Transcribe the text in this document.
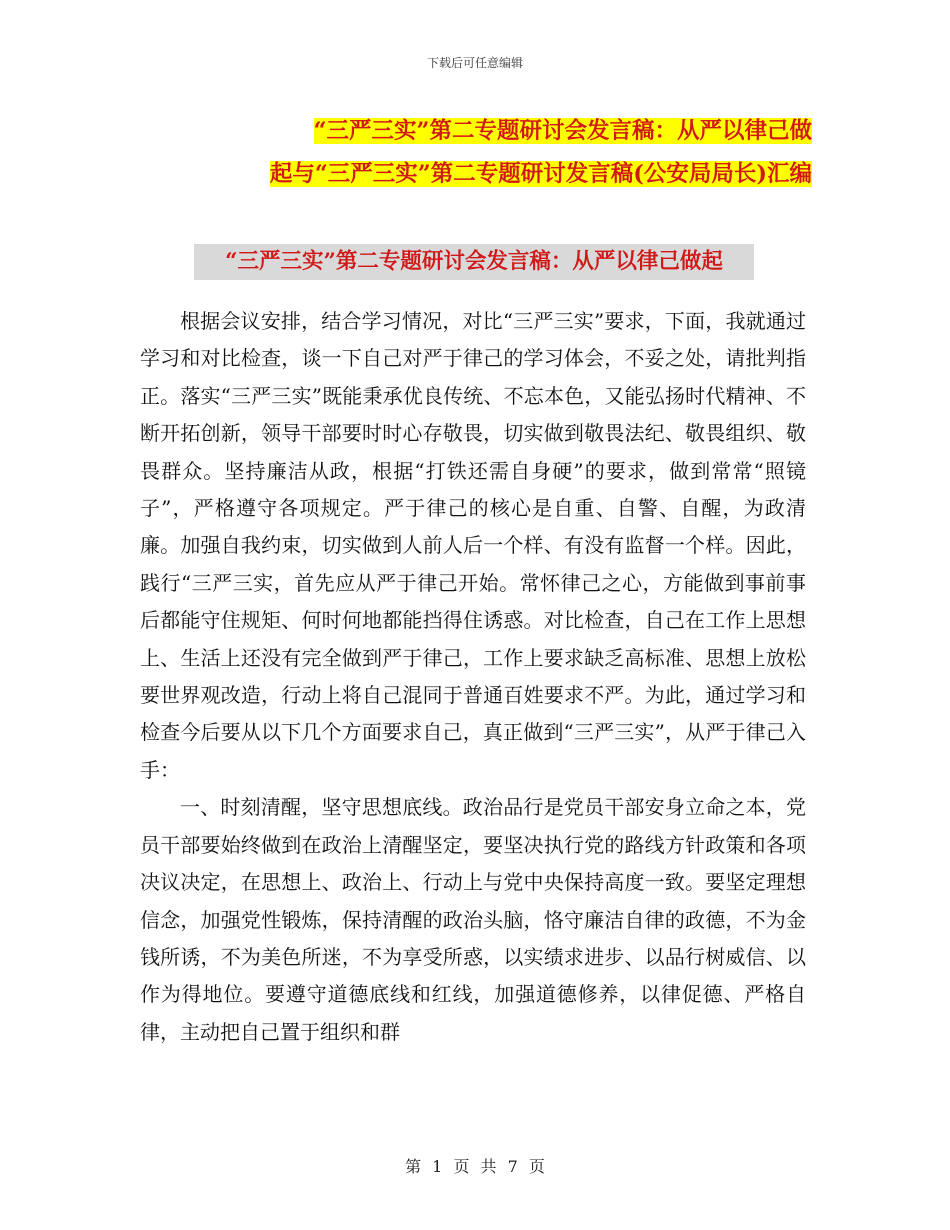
下载后可任意编辑
“三严三实”第二专题研讨会发言稿：从严以律己做
起与“三严三实”第二专题研讨发言稿(公安局局长)汇编
“三严三实”第二专题研讨会发言稿：从严以律己做起

根据会议安排，结合学习情况，对比“三严三实”要求，下面，我就通过学习和对比检查，谈一下自己对严于律己的学习体会，不妥之处，请批判指正。落实“三严三实”既能秉承优良传统、不忘本色，又能弘扬时代精神、不断开拓创新，领导干部要时时心存敬畏，切实做到敬畏法纪、敬畏组织、敬畏群众。坚持廉洁从政，根据“打铁还需自身硬”的要求，做到常常“照镜子”，严格遵守各项规定。严于律己的核心是自重、自警、自醒，为政清廉。加强自我约束，切实做到人前人后一个样、有没有监督一个样。因此，践行“三严三实，首先应从严于律己开始。常怀律己之心，方能做到事前事后都能守住规矩、何时何地都能挡得住诱惑。对比检查，自己在工作上思想上、生活上还没有完全做到严于律己，工作上要求缺乏高标准、思想上放松要世界观改造，行动上将自己混同于普通百姓要求不严。为此，通过学习和检查今后要从以下几个方面要求自己，真正做到“三严三实”，从严于律己入手：

一、时刻清醒，坚守思想底线。政治品行是党员干部安身立命之本，党员干部要始终做到在政治上清醒坚定，要坚决执行党的路线方针政策和各项决议决定，在思想上、政治上、行动上与党中央保持高度一致。要坚定理想信念，加强党性锻炼，保持清醒的政治头脑，恪守廉洁自律的政德，不为金钱所诱，不为美色所迷，不为享受所惑，以实绩求进步、以品行树威信、以作为得地位。要遵守道德底线和红线，加强道德修养，以律促德、严格自律，主动把自己置于组织和群

第 1 页 共 7 页
